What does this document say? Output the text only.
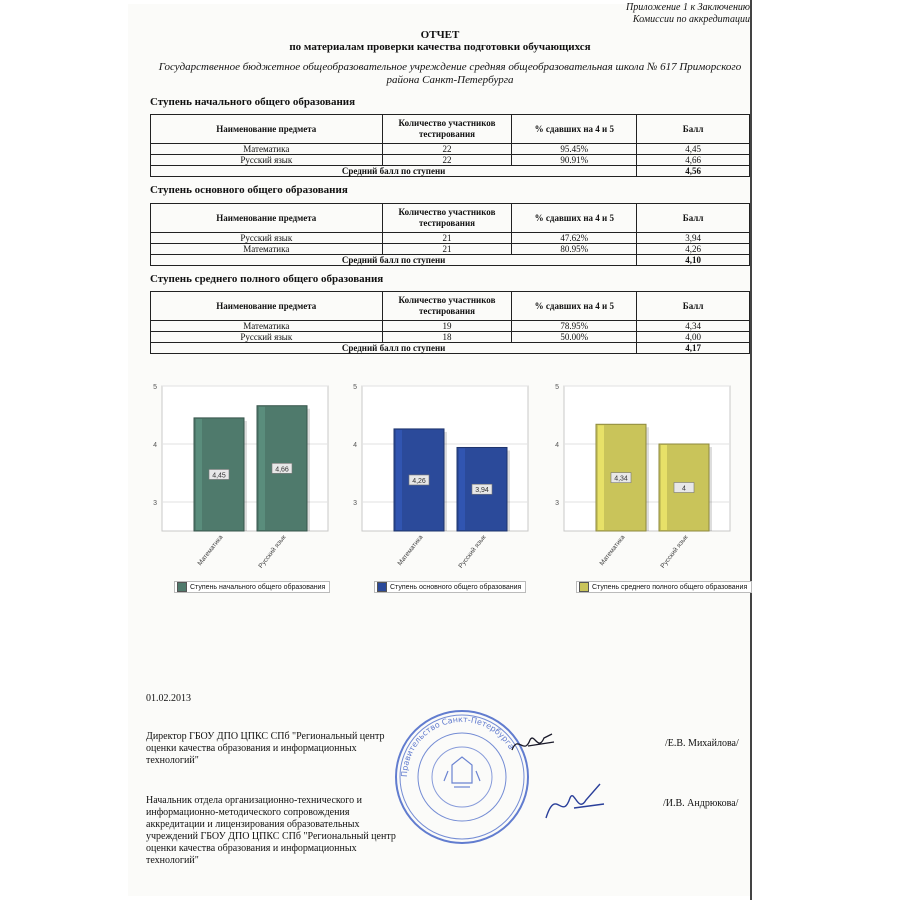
Приложение 1 к Заключению
Комиссии по аккредитации
ОТЧЕТ
по материалам проверки качества подготовки обучающихся
Государственное бюджетное общеобразовательное учреждение средняя общеобразовательная школа № 617 Приморского
района Санкт-Петербурга
Ступень начального общего образования
Наименование предмета	Количество участников тестирования	% сдавших на 4 и 5	Балл
Математика	22	95.45%	4,45
Русский язык	22	90.91%	4,66
Средний балл по ступени			4,56
Ступень основного общего образования
Наименование предмета	Количество участников тестирования	% сдавших на 4 и 5	Балл
Русский язык	21	47.62%	3,94
Математика	21	80.95%	4,26
Средний балл по ступени			4,10
Ступень среднего полного общего образования
Наименование предмета	Количество участников тестирования	% сдавших на 4 и 5	Балл
Математика	19	78.95%	4,34
Русский язык	18	50.00%	4,00
Средний балл по ступени			4,17
3
4
5
4,45
Математика
4,66
Русский язык
Ступень начального общего образования
3
4
5
4,26
Математика
3,94
Русский язык
Ступень основного общего образования
3
4
5
4,34
Математика
4
Русский язык
Ступень среднего полного общего образования
01.02.2013
Директор ГБОУ ДПО ЦПКС СПб "Региональный центр
оценки качества образования и информационных
технологий"
/Е.В. Михайлова/
Начальник отдела организационно-технического и
информационно-методического сопровождения
аккредитации и лицензирования образовательных
учреждений ГБОУ ДПО ЦПКС СПб "Региональный центр
оценки качества образования и информационных
технологий"
/И.В. Андрюкова/
Правительство Санкт-Петербурга
